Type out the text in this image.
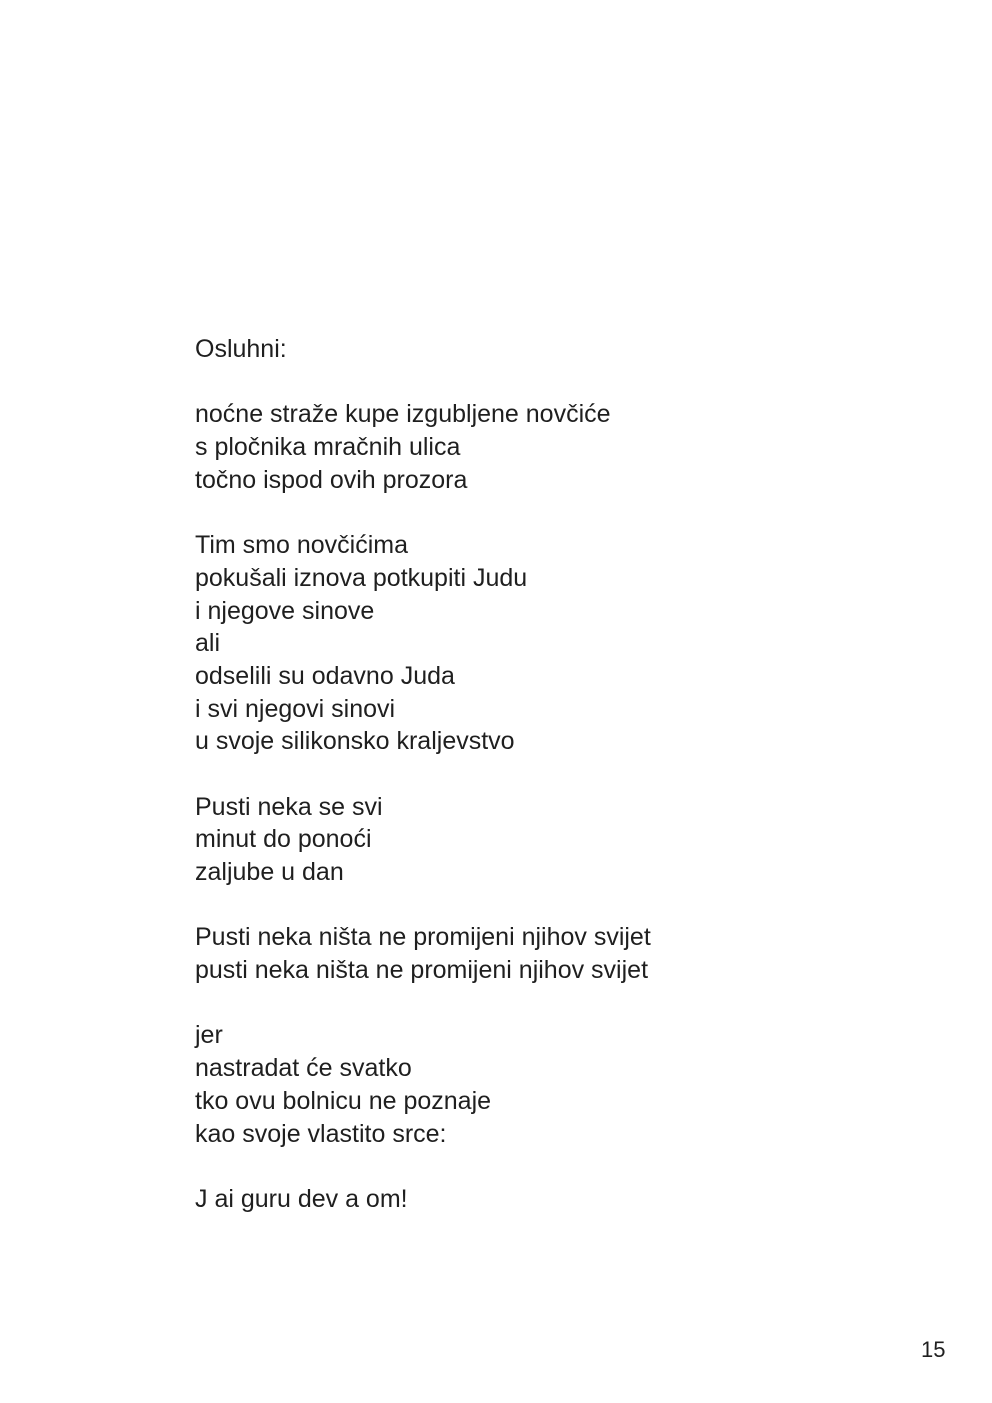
Osluhni:
noćne straže kupe izgubljene novčiće
s pločnika mračnih ulica
točno ispod ovih prozora
Tim smo novčićima
pokušali iznova potkupiti Judu
i njegove sinove
ali
odselili su odavno Juda
i svi njegovi sinovi
u svoje silikonsko kraljevstvo
Pusti neka se svi
minut do ponoći
zaljube u dan
Pusti neka ništa ne promijeni njihov svijet
pusti neka ništa ne promijeni njihov svijet
jer
nastradat će svatko
tko ovu bolnicu ne poznaje
kao svoje vlastito srce:
J ai guru dev a om!
15
